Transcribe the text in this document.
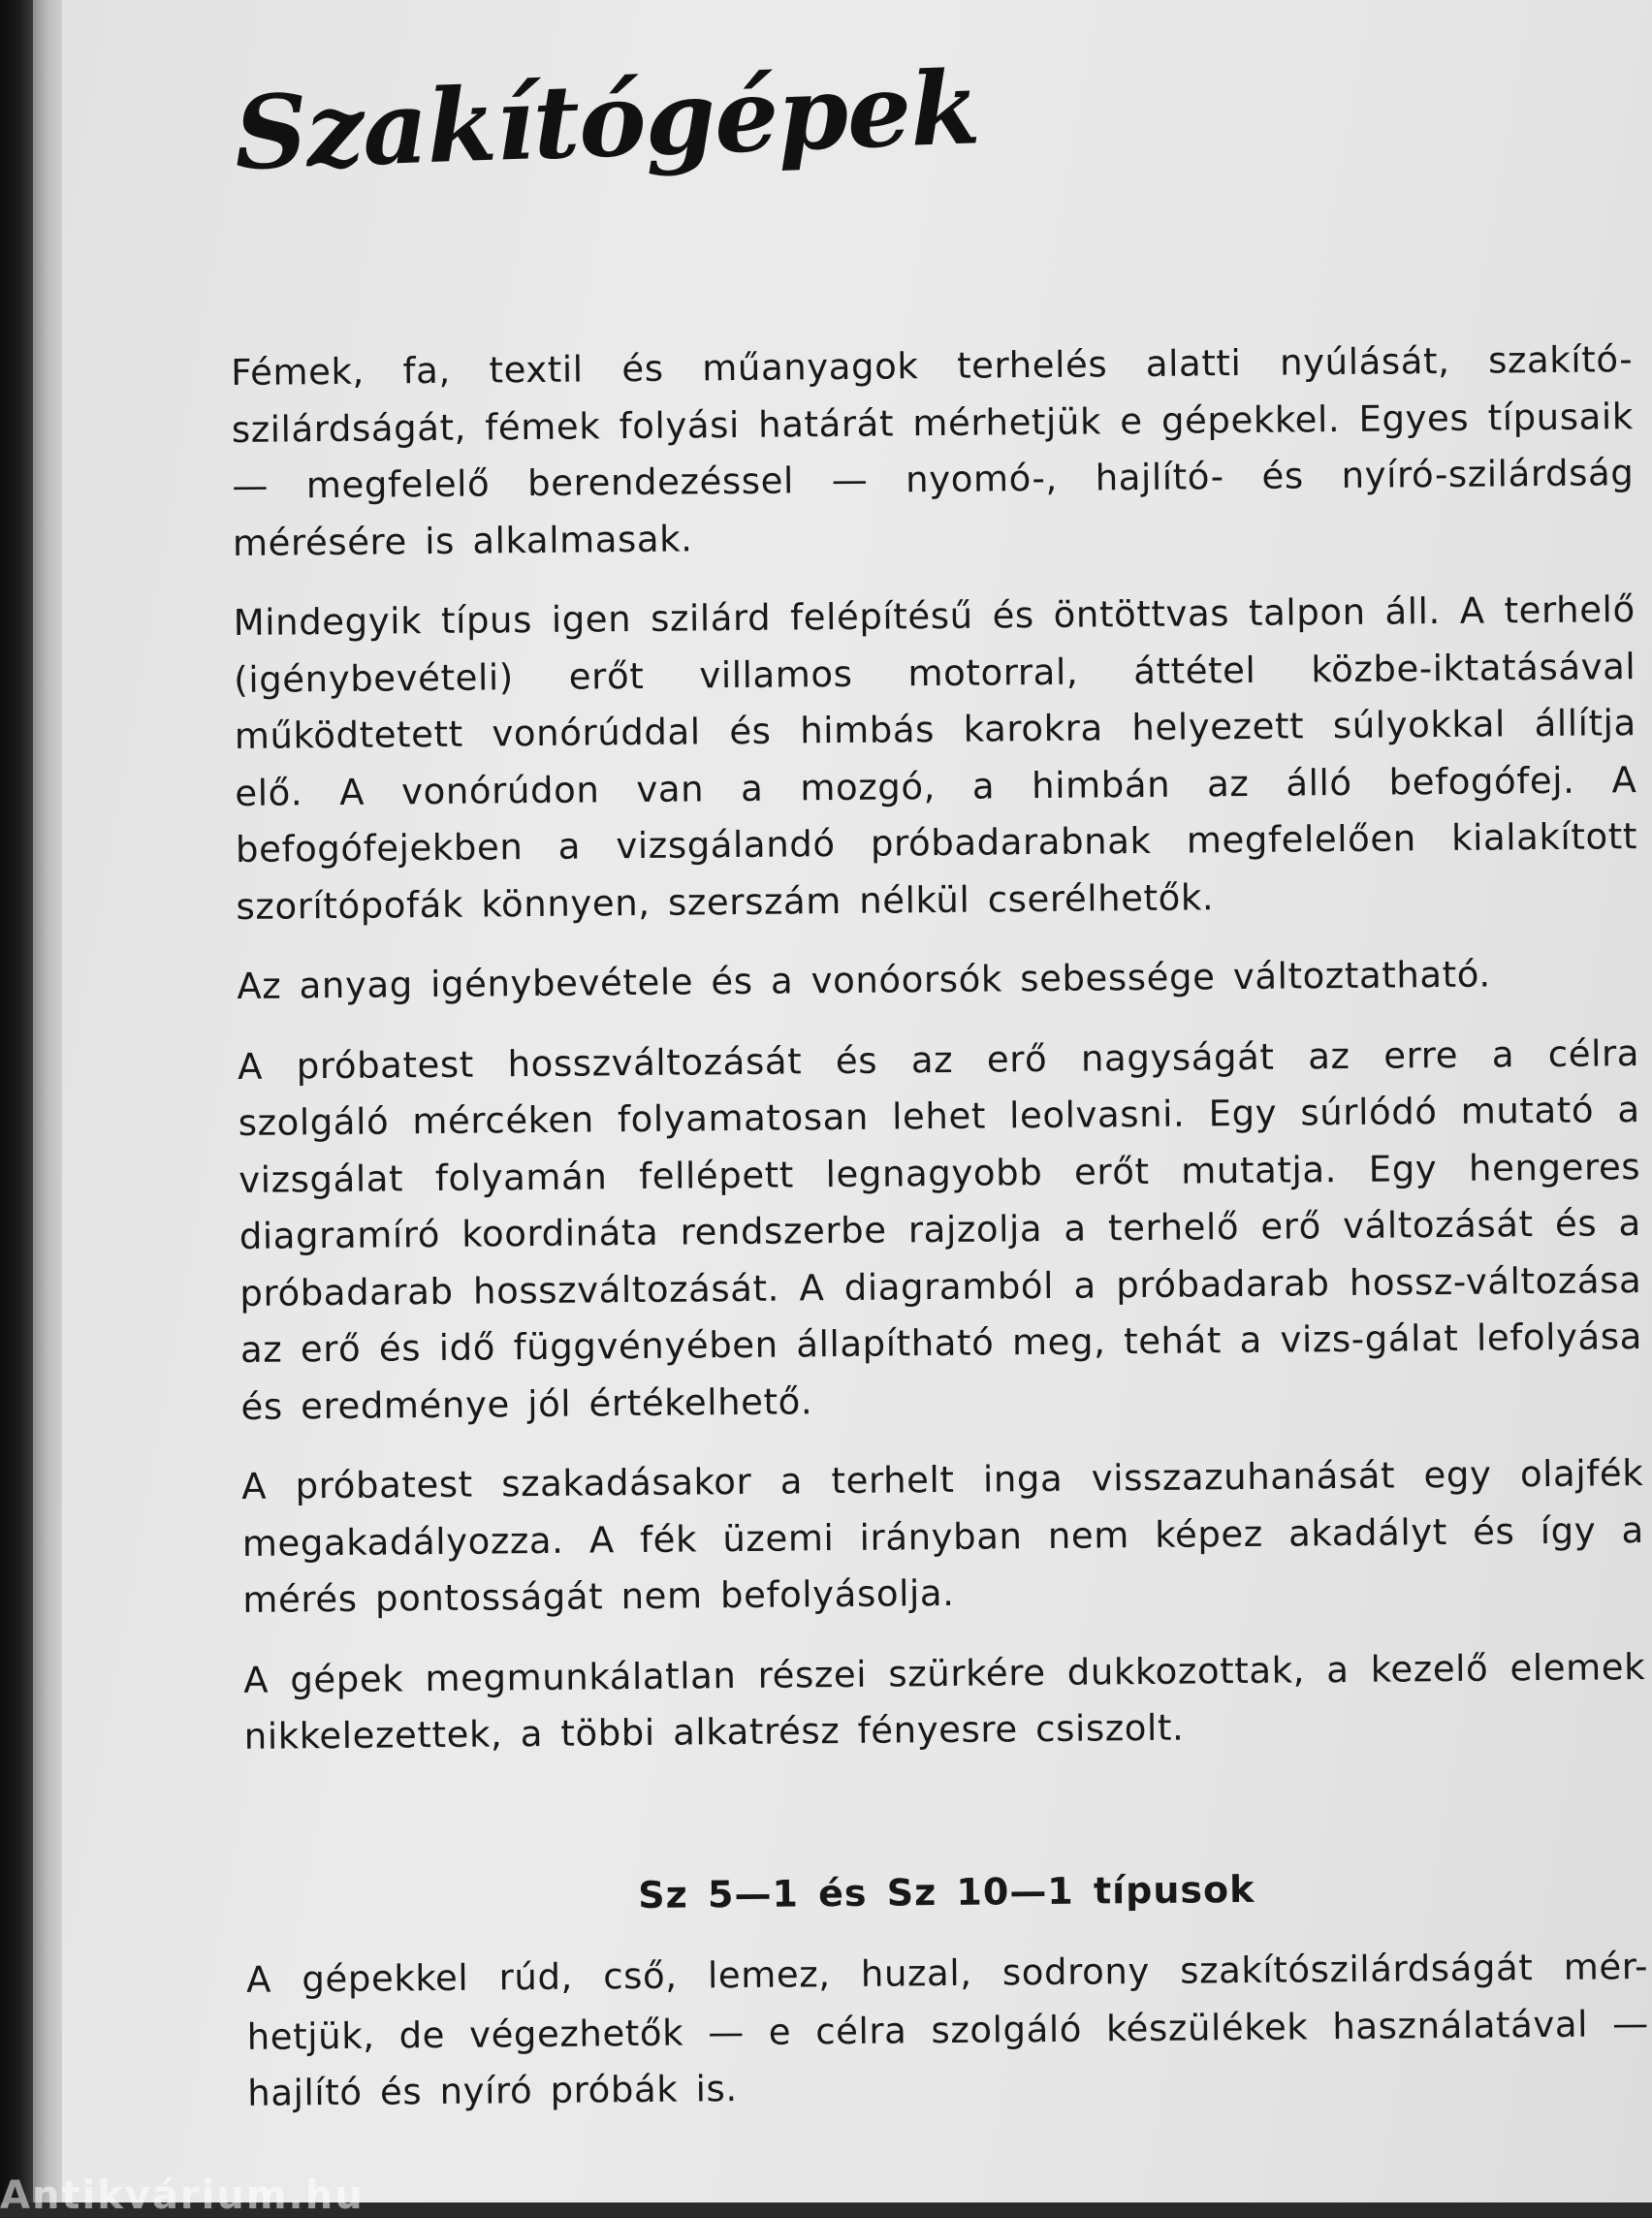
Szakítógépek

Fémek, fa, textil és műanyagok terhelés alatti nyúlását, szakító-szilárdságát, fémek folyási határát mérhetjük e gépekkel. Egyes típusaik — megfelelő berendezéssel — nyomó-, hajlító- és nyíró-szilárdság mérésére is alkalmasak.

Mindegyik típus igen szilárd felépítésű és öntöttvas talpon áll. A terhelő (igénybevételi) erőt villamos motorral, áttétel közbe-iktatásával működtetett vonórúddal és himbás karokra helyezett súlyokkal állítja elő. A vonórúdon van a mozgó, a himbán az álló befogófej. A befogófejekben a vizsgálandó próbadarabnak megfelelően kialakított szorítópofák könnyen, szerszám nélkül cserélhetők.

Az anyag igénybevétele és a vonóorsók sebessége változtatható.

A próbatest hosszváltozását és az erő nagyságát az erre a célra szolgáló mércéken folyamatosan lehet leolvasni. Egy súrlódó mutató a vizsgálat folyamán fellépett legnagyobb erőt mutatja. Egy hengeres diagramíró koordináta rendszerbe rajzolja a terhelő erő változását és a próbadarab hosszváltozását. A diagramból a próbadarab hossz-változása az erő és idő függvényében állapítható meg, tehát a vizs-gálat lefolyása és eredménye jól értékelhető.

A próbatest szakadásakor a terhelt inga visszazuhanását egy olajfék megakadályozza. A fék üzemi irányban nem képez akadályt és így a mérés pontosságát nem befolyásolja.

A gépek megmunkálatlan részei szürkére dukkozottak, a kezelő elemek nikkelezettek, a többi alkatrész fényesre csiszolt.

Sz 5—1 és Sz 10—1 típusok

A gépekkel rúd, cső, lemez, huzal, sodrony szakítószilárdságát mér-hetjük, de végezhetők — e célra szolgáló készülékek használatával — hajlító és nyíró próbák is.

Antikvárium.hu
